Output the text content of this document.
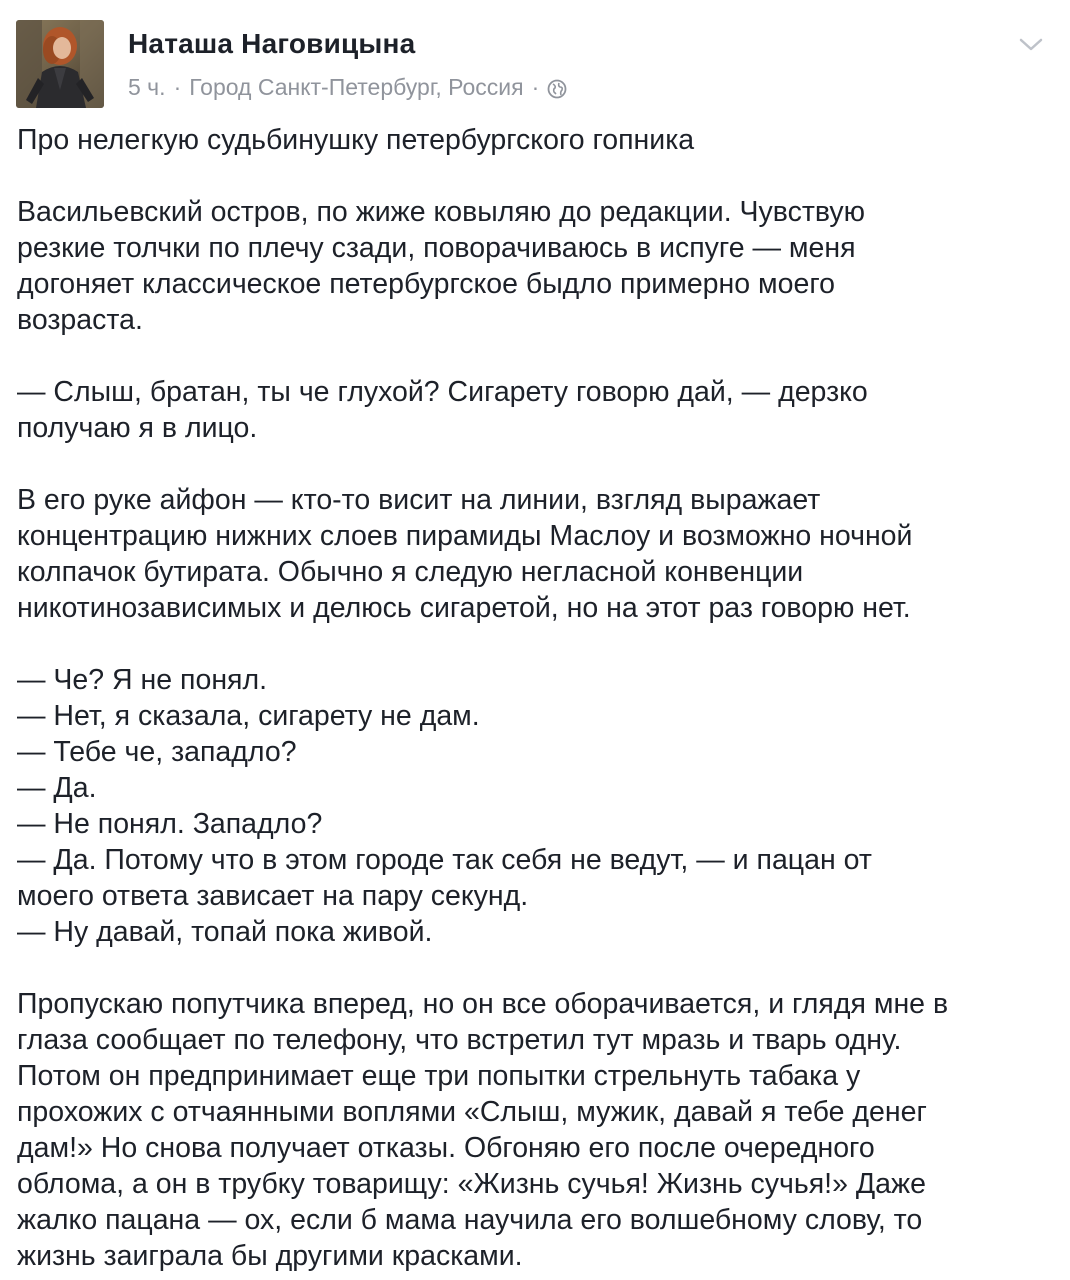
Наташа Наговицына
5 ч. · Город Санкт-Петербург, Россия ·

Про нелегкую судьбинушку петербургского гопника

Васильевский остров, по жиже ковыляю до редакции. Чувствую
резкие толчки по плечу сзади, поворачиваюсь в испуге — меня
догоняет классическое петербургское быдло примерно моего
возраста.

— Слыш, братан, ты че глухой? Сигарету говорю дай, — дерзко
получаю я в лицо.

В его руке айфон — кто-то висит на линии, взгляд выражает
концентрацию нижних слоев пирамиды Маслоу и возможно ночной
колпачок бутирата. Обычно я следую негласной конвенции
никотинозависимых и делюсь сигаретой, но на этот раз говорю нет.

— Че? Я не понял.
— Нет, я сказала, сигарету не дам.
— Тебе че, западло?
— Да.
— Не понял. Западло?
— Да. Потому что в этом городе так себя не ведут, — и пацан от
моего ответа зависает на пару секунд.
— Ну давай, топай пока живой.

Пропускаю попутчика вперед, но он все оборачивается, и глядя мне в
глаза сообщает по телефону, что встретил тут мразь и тварь одну.
Потом он предпринимает еще три попытки стрельнуть табака у
прохожих с отчаянными воплями «Слыш, мужик, давай я тебе денег
дам!» Но снова получает отказы. Обгоняю его после очередного
облома, а он в трубку товарищу: «Жизнь сучья! Жизнь сучья!» Даже
жалко пацана — ох, если б мама научила его волшебному слову, то
жизнь заиграла бы другими красками.
